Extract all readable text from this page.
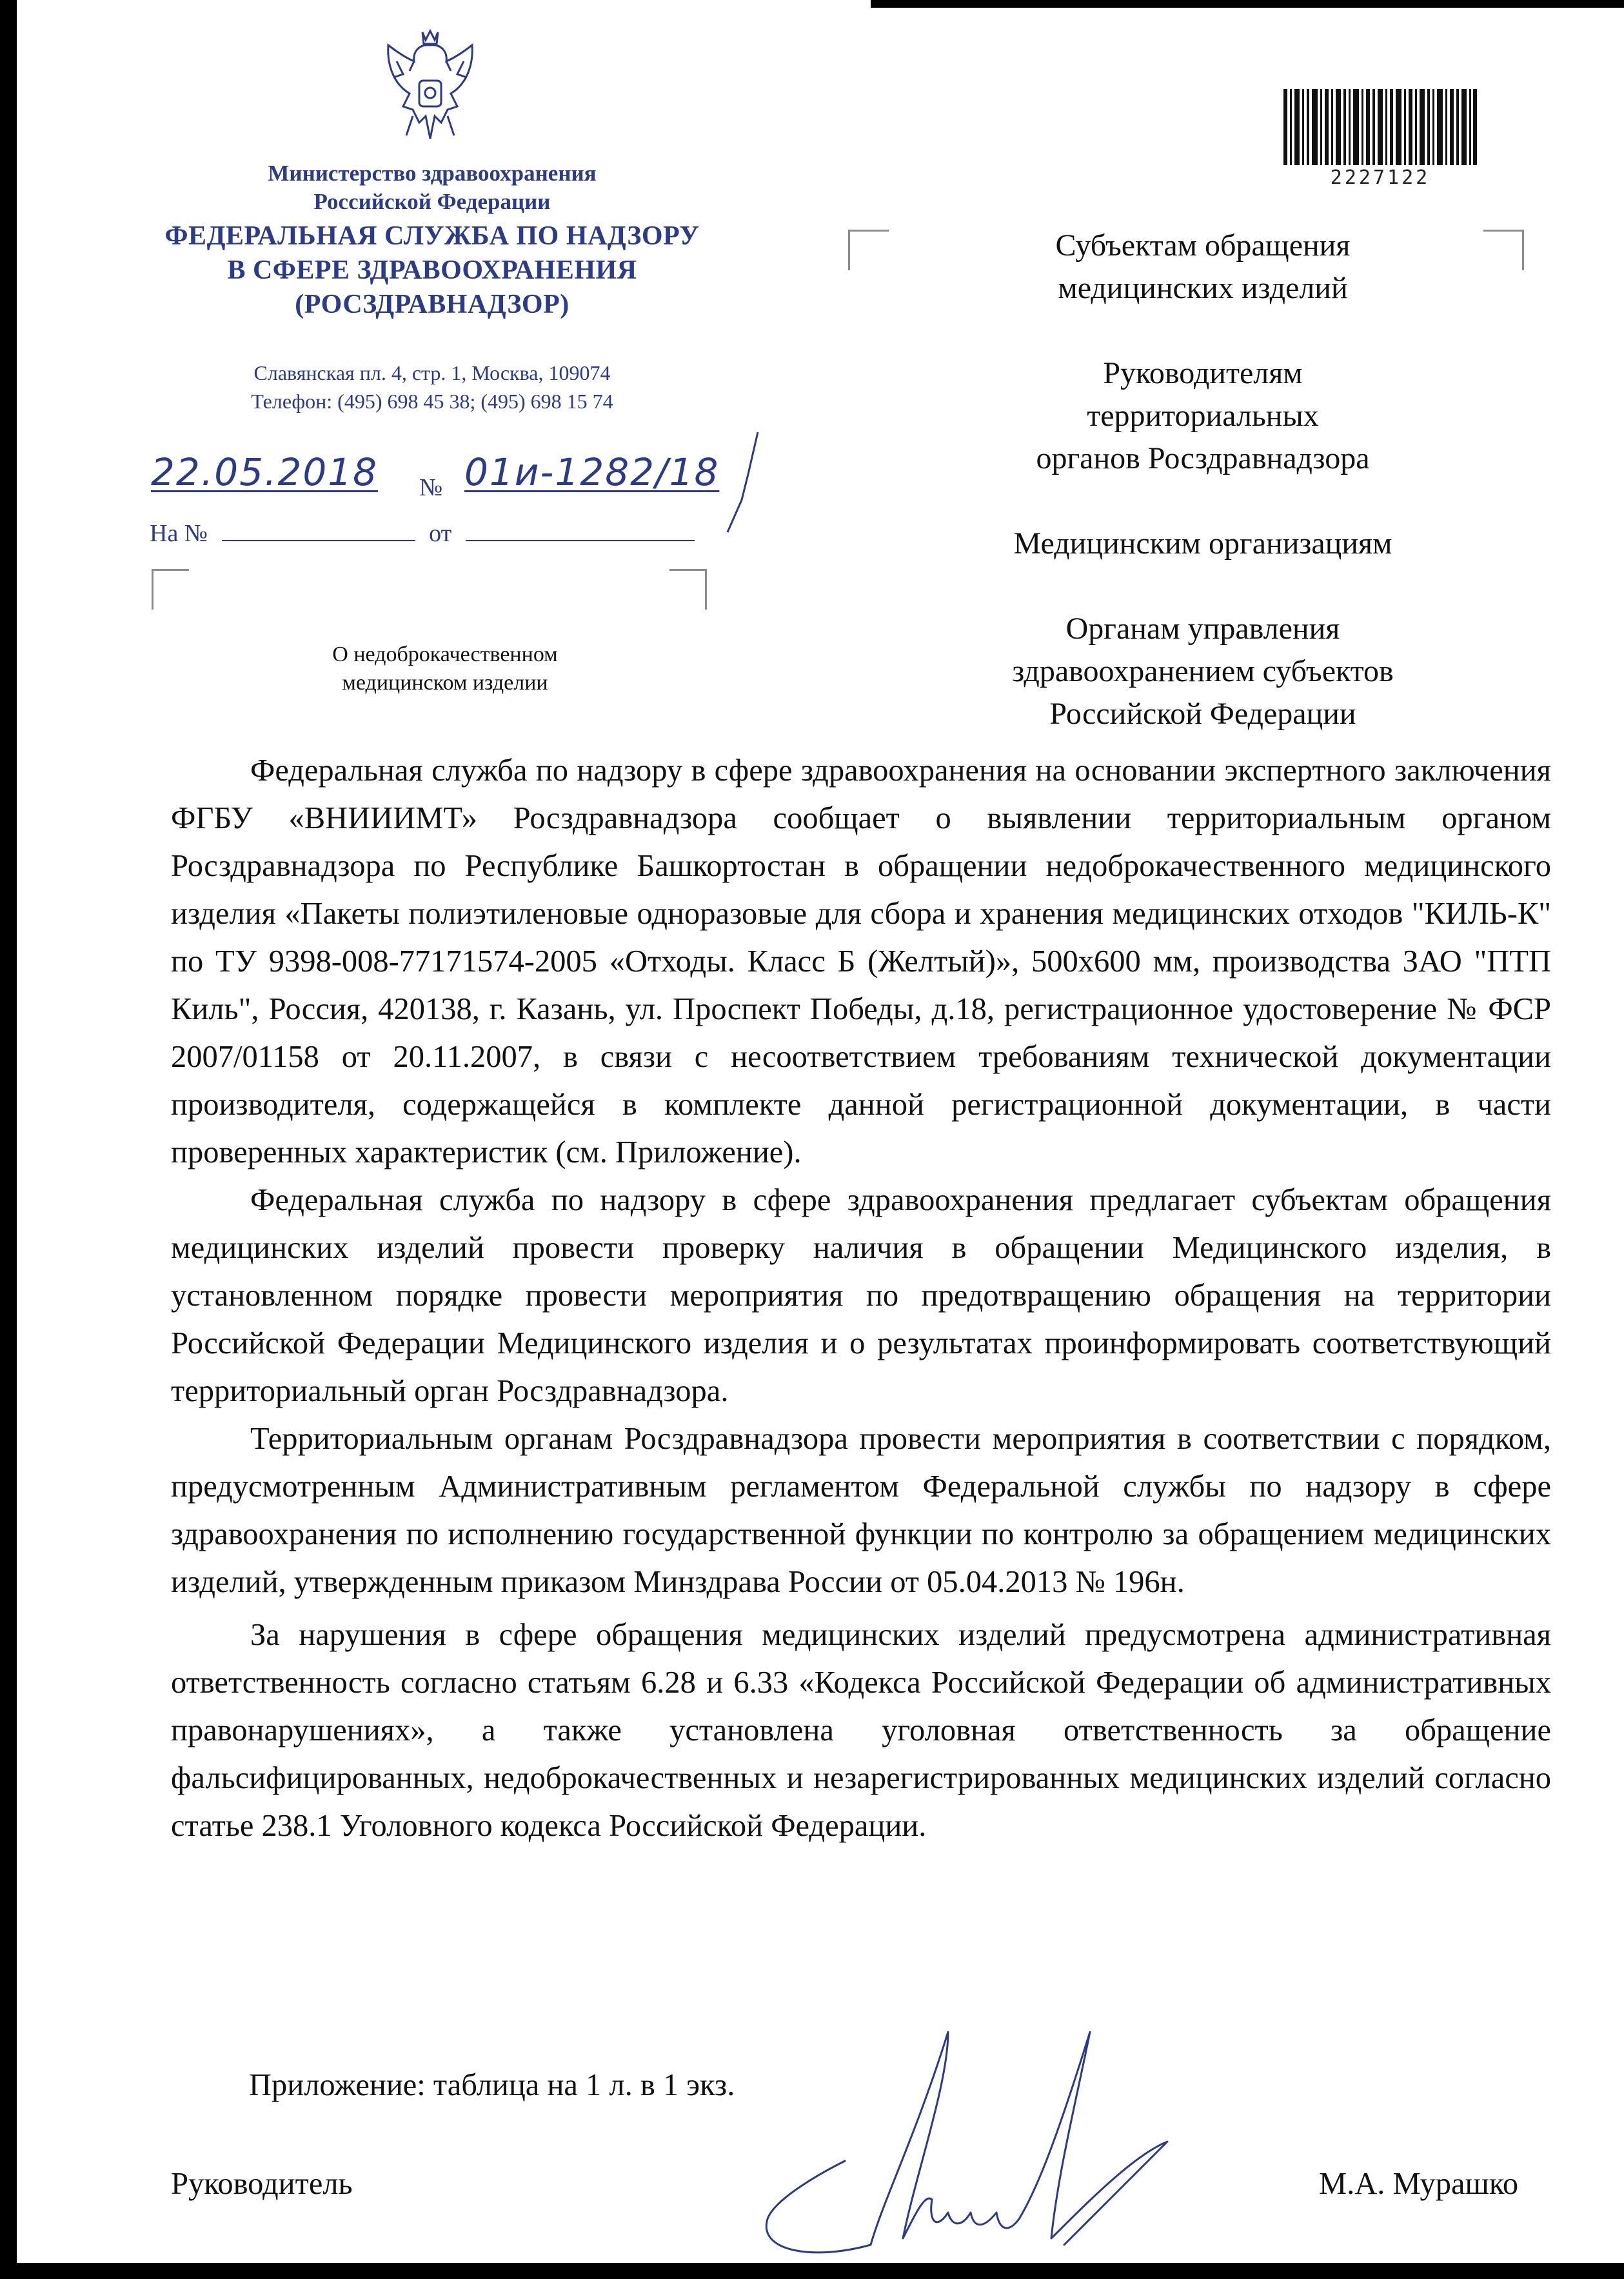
Министерство здравоохранения
Российской Федерации
ФЕДЕРАЛЬНАЯ СЛУЖБА ПО НАДЗОРУ
В СФЕРЕ ЗДРАВООХРАНЕНИЯ
(РОСЗДРАВНАДЗОР)
Славянская пл. 4, стр. 1, Москва, 109074
Телефон: (495) 698 45 38; (495) 698 15 74
22.05.2018 № 01и-1282/18
На №	от
О недоброкачественном
медицинском изделии
2227122
Субъектам обращения
медицинских изделий
Руководителям
территориальных
органов Росздравнадзора
Медицинским организациям
Органам управления
здравоохранением субъектов
Российской Федерации

Федеральная служба по надзору в сфере здравоохранения на основании экспертного заключения ФГБУ «ВНИИИМТ» Росздравнадзора сообщает о выявлении территориальным органом Росздравнадзора по Республике Башкортостан в обращении недоброкачественного медицинского изделия «Пакеты полиэтиленовые одноразовые для сбора и хранения медицинских отходов "КИЛЬ-К" по ТУ 9398-008-77171574-2005 «Отходы. Класс Б (Желтый)», 500х600 мм, производства ЗАО "ПТП Киль", Россия, 420138, г. Казань, ул. Проспект Победы, д.18, регистрационное удостоверение № ФСР 2007/01158 от 20.11.2007, в связи с несоответствием требованиям технической документации производителя, содержащейся в комплекте данной регистрационной документации, в части проверенных характеристик (см. Приложение).

Федеральная служба по надзору в сфере здравоохранения предлагает субъектам обращения медицинских изделий провести проверку наличия в обращении Медицинского изделия, в установленном порядке провести мероприятия по предотвращению обращения на территории Российской Федерации Медицинского изделия и о результатах проинформировать соответствующий территориальный орган Росздравнадзора.

Территориальным органам Росздравнадзора провести мероприятия в соответствии с порядком, предусмотренным Административным регламентом Федеральной службы по надзору в сфере здравоохранения по исполнению государственной функции по контролю за обращением медицинских изделий, утвержденным приказом Минздрава России от 05.04.2013 № 196н.

За нарушения в сфере обращения медицинских изделий предусмотрена административная ответственность согласно статьям 6.28 и 6.33 «Кодекса Российской Федерации об административных правонарушениях», а также установлена уголовная ответственность за обращение фальсифицированных, недоброкачественных и незарегистрированных медицинских изделий согласно статье 238.1 Уголовного кодекса Российской Федерации.

Приложение: таблица на 1 л. в 1 экз.
Руководитель	М.А. Мурашко
